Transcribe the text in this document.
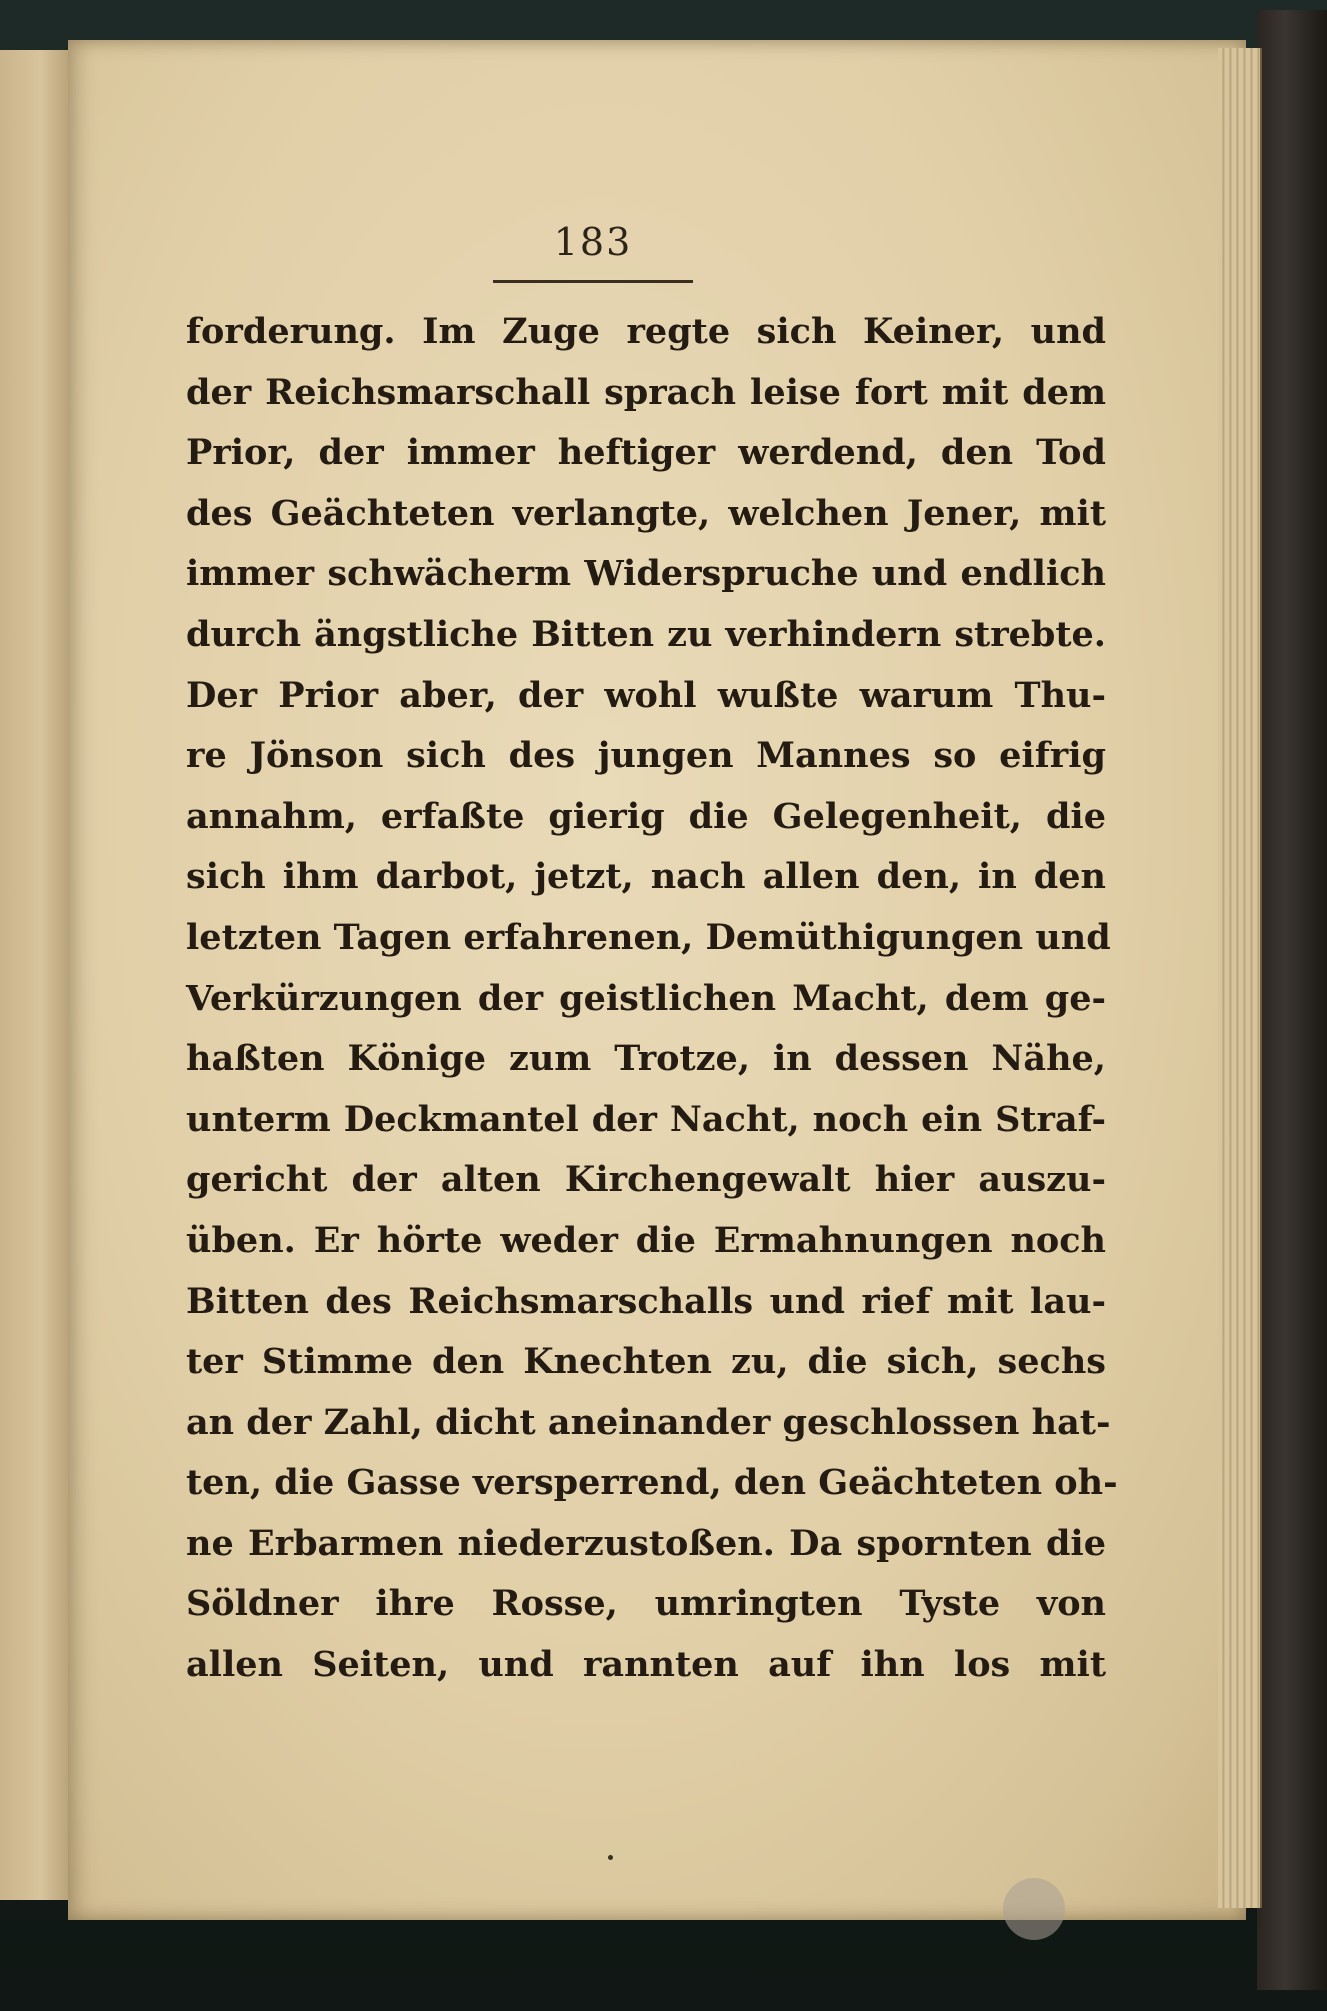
183
forderung. Im Zuge regte sich Keiner, und
der Reichsmarschall sprach leise fort mit dem
Prior, der immer heftiger werdend, den Tod
des Geächteten verlangte, welchen Jener, mit
immer schwächerm Widerspruche und endlich
durch ängstliche Bitten zu verhindern strebte.
Der Prior aber, der wohl wußte warum Thu-
re Jönson sich des jungen Mannes so eifrig
annahm, erfaßte gierig die Gelegenheit, die
sich ihm darbot, jetzt, nach allen den, in den
letzten Tagen erfahrenen, Demüthigungen und
Verkürzungen der geistlichen Macht, dem ge-
haßten Könige zum Trotze, in dessen Nähe,
unterm Deckmantel der Nacht, noch ein Straf-
gericht der alten Kirchengewalt hier auszu-
üben. Er hörte weder die Ermahnungen noch
Bitten des Reichsmarschalls und rief mit lau-
ter Stimme den Knechten zu, die sich, sechs
an der Zahl, dicht aneinander geschlossen hat-
ten, die Gasse versperrend, den Geächteten oh-
ne Erbarmen niederzustoßen. Da spornten die
Söldner ihre Rosse, umringten Tyste von
allen Seiten, und rannten auf ihn los mit
